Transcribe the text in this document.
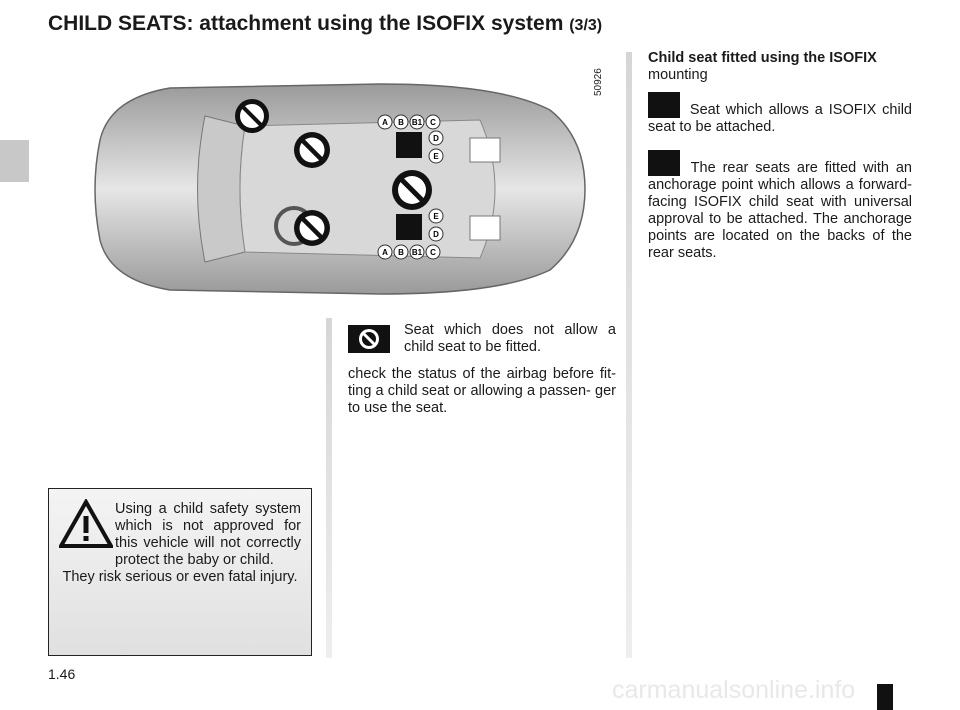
CHILD SEATS: attachment using the ISOFIX system (3/3)
50926
A B B1 C
D
E
E
D
A B B1 C
Seat which does not allow a child seat to be fitted.
check the status of the airbag before fit- ting a child seat or allowing a passen- ger to use the seat.

Child seat fitted using the ISOFIX

mounting

Seat which allows a ISOFIX child seat to be attached.

The rear seats are fitted with an anchorage point which allows a forward-facing ISOFIX child seat with universal approval to be attached. The anchorage points are located on the backs of the rear seats.

Using a child safety system which is not approved for this vehicle will not correctly protect the baby or child.
They risk serious or even fatal injury.
1.46
carmanualsonline.info
